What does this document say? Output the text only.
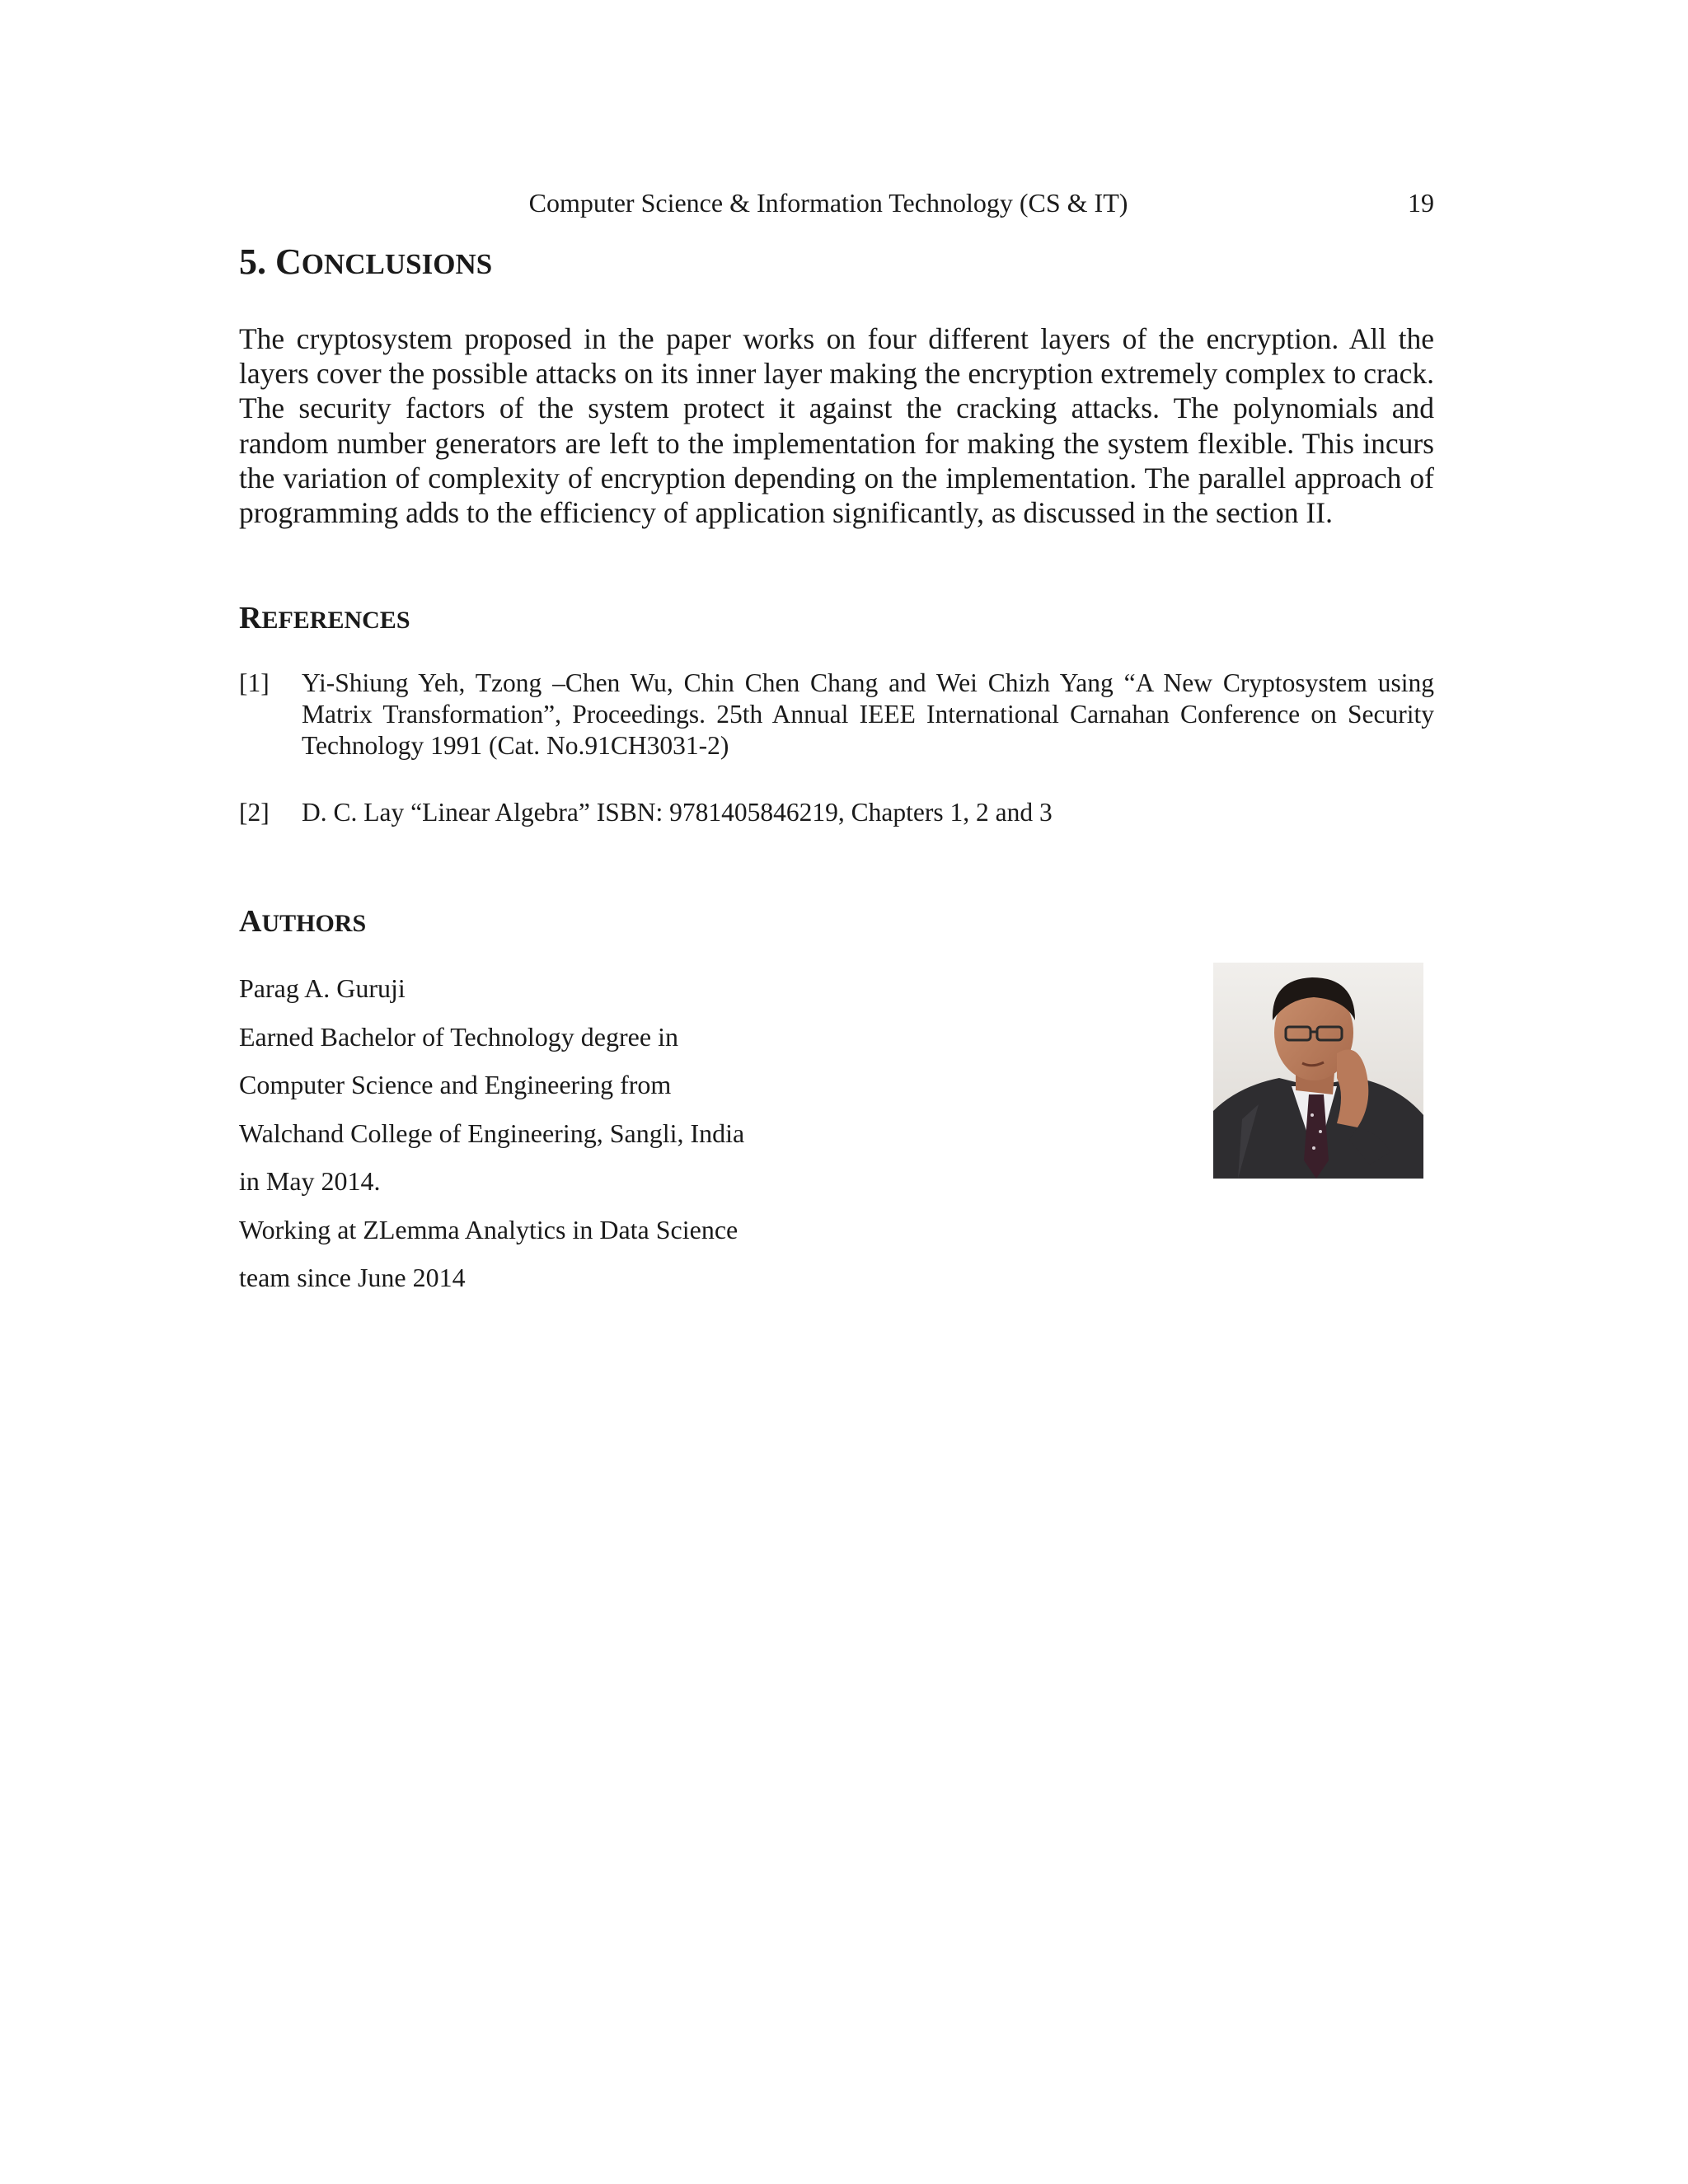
Computer Science & Information Technology (CS & IT)	19
5. CONCLUSIONS

The cryptosystem proposed in the paper works on four different layers of the encryption. All the layers cover the possible attacks on its inner layer making the encryption extremely complex to crack. The security factors of the system protect it against the cracking attacks. The polynomials and random number generators are left to the implementation for making the system flexible. This incurs the variation of complexity of encryption depending on the implementation. The parallel approach of programming adds to the efficiency of application significantly, as discussed in the section II.

REFERENCES
[1] Yi-Shiung Yeh, Tzong –Chen Wu, Chin Chen Chang and Wei Chizh Yang “A New Cryptosystem using Matrix Transformation”, Proceedings. 25th Annual IEEE International Carnahan Conference on Security Technology 1991 (Cat. No.91CH3031-2)
[2] D. C. Lay “Linear Algebra” ISBN: 9781405846219, Chapters 1, 2 and 3
AUTHORS
Parag A. Guruji
Earned Bachelor of Technology degree in
Computer Science and Engineering from
Walchand College of Engineering, Sangli, India
in May 2014.
Working at ZLemma Analytics in Data Science
team since June 2014
